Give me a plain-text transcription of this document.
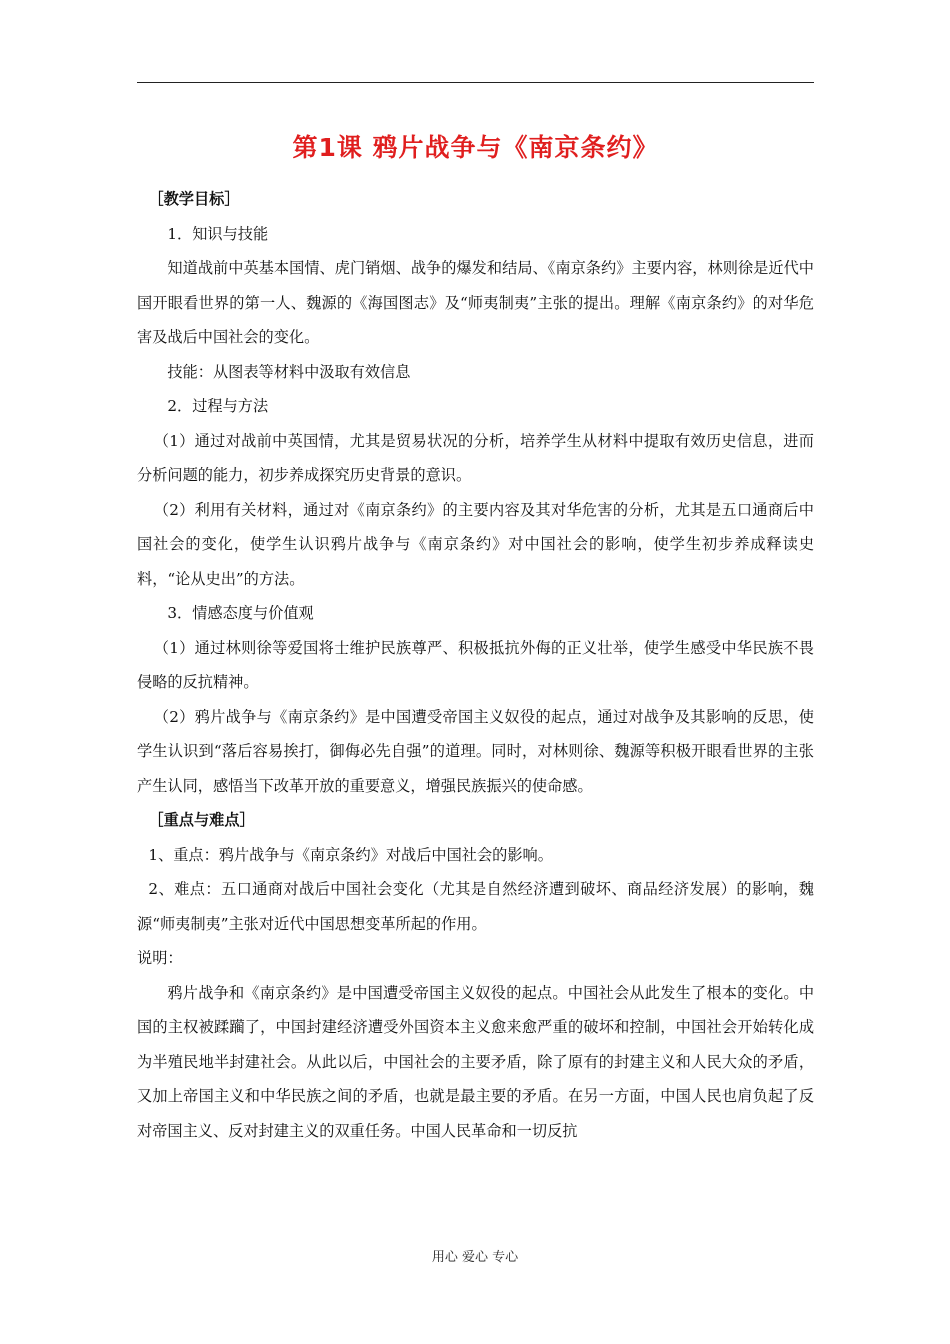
第1课 鸦片战争与《南京条约》

［教学目标］

1．知识与技能

知道战前中英基本国情、虎门销烟、战争的爆发和结局、《南京条约》主要内容，林则徐是近代中国开眼看世界的第一人、魏源的《海国图志》及“师夷制夷”主张的提出。理解《南京条约》的对华危害及战后中国社会的变化。

技能：从图表等材料中汲取有效信息

2．过程与方法

（1）通过对战前中英国情，尤其是贸易状况的分析，培养学生从材料中提取有效历史信息，进而分析问题的能力，初步养成探究历史背景的意识。

（2）利用有关材料，通过对《南京条约》的主要内容及其对华危害的分析，尤其是五口通商后中国社会的变化，使学生认识鸦片战争与《南京条约》对中国社会的影响，使学生初步养成释读史料，“论从史出”的方法。

3．情感态度与价值观

（1）通过林则徐等爱国将士维护民族尊严、积极抵抗外侮的正义壮举，使学生感受中华民族不畏侵略的反抗精神。

（2）鸦片战争与《南京条约》是中国遭受帝国主义奴役的起点，通过对战争及其影响的反思，使学生认识到“落后容易挨打，御侮必先自强”的道理。同时，对林则徐、魏源等积极开眼看世界的主张产生认同，感悟当下改革开放的重要意义，增强民族振兴的使命感。

［重点与难点］

1、重点：鸦片战争与《南京条约》对战后中国社会的影响。

2、难点：五口通商对战后中国社会变化（尤其是自然经济遭到破坏、商品经济发展）的影响，魏源“师夷制夷”主张对近代中国思想变革所起的作用。

说明：

鸦片战争和《南京条约》是中国遭受帝国主义奴役的起点。中国社会从此发生了根本的变化。中国的主权被蹂躏了，中国封建经济遭受外国资本主义愈来愈严重的破坏和控制，中国社会开始转化成为半殖民地半封建社会。从此以后，中国社会的主要矛盾，除了原有的封建主义和人民大众的矛盾，又加上帝国主义和中华民族之间的矛盾，也就是最主要的矛盾。在另一方面，中国人民也肩负起了反对帝国主义、反对封建主义的双重任务。中国人民革命和一切反抗

用心 爱心 专心
